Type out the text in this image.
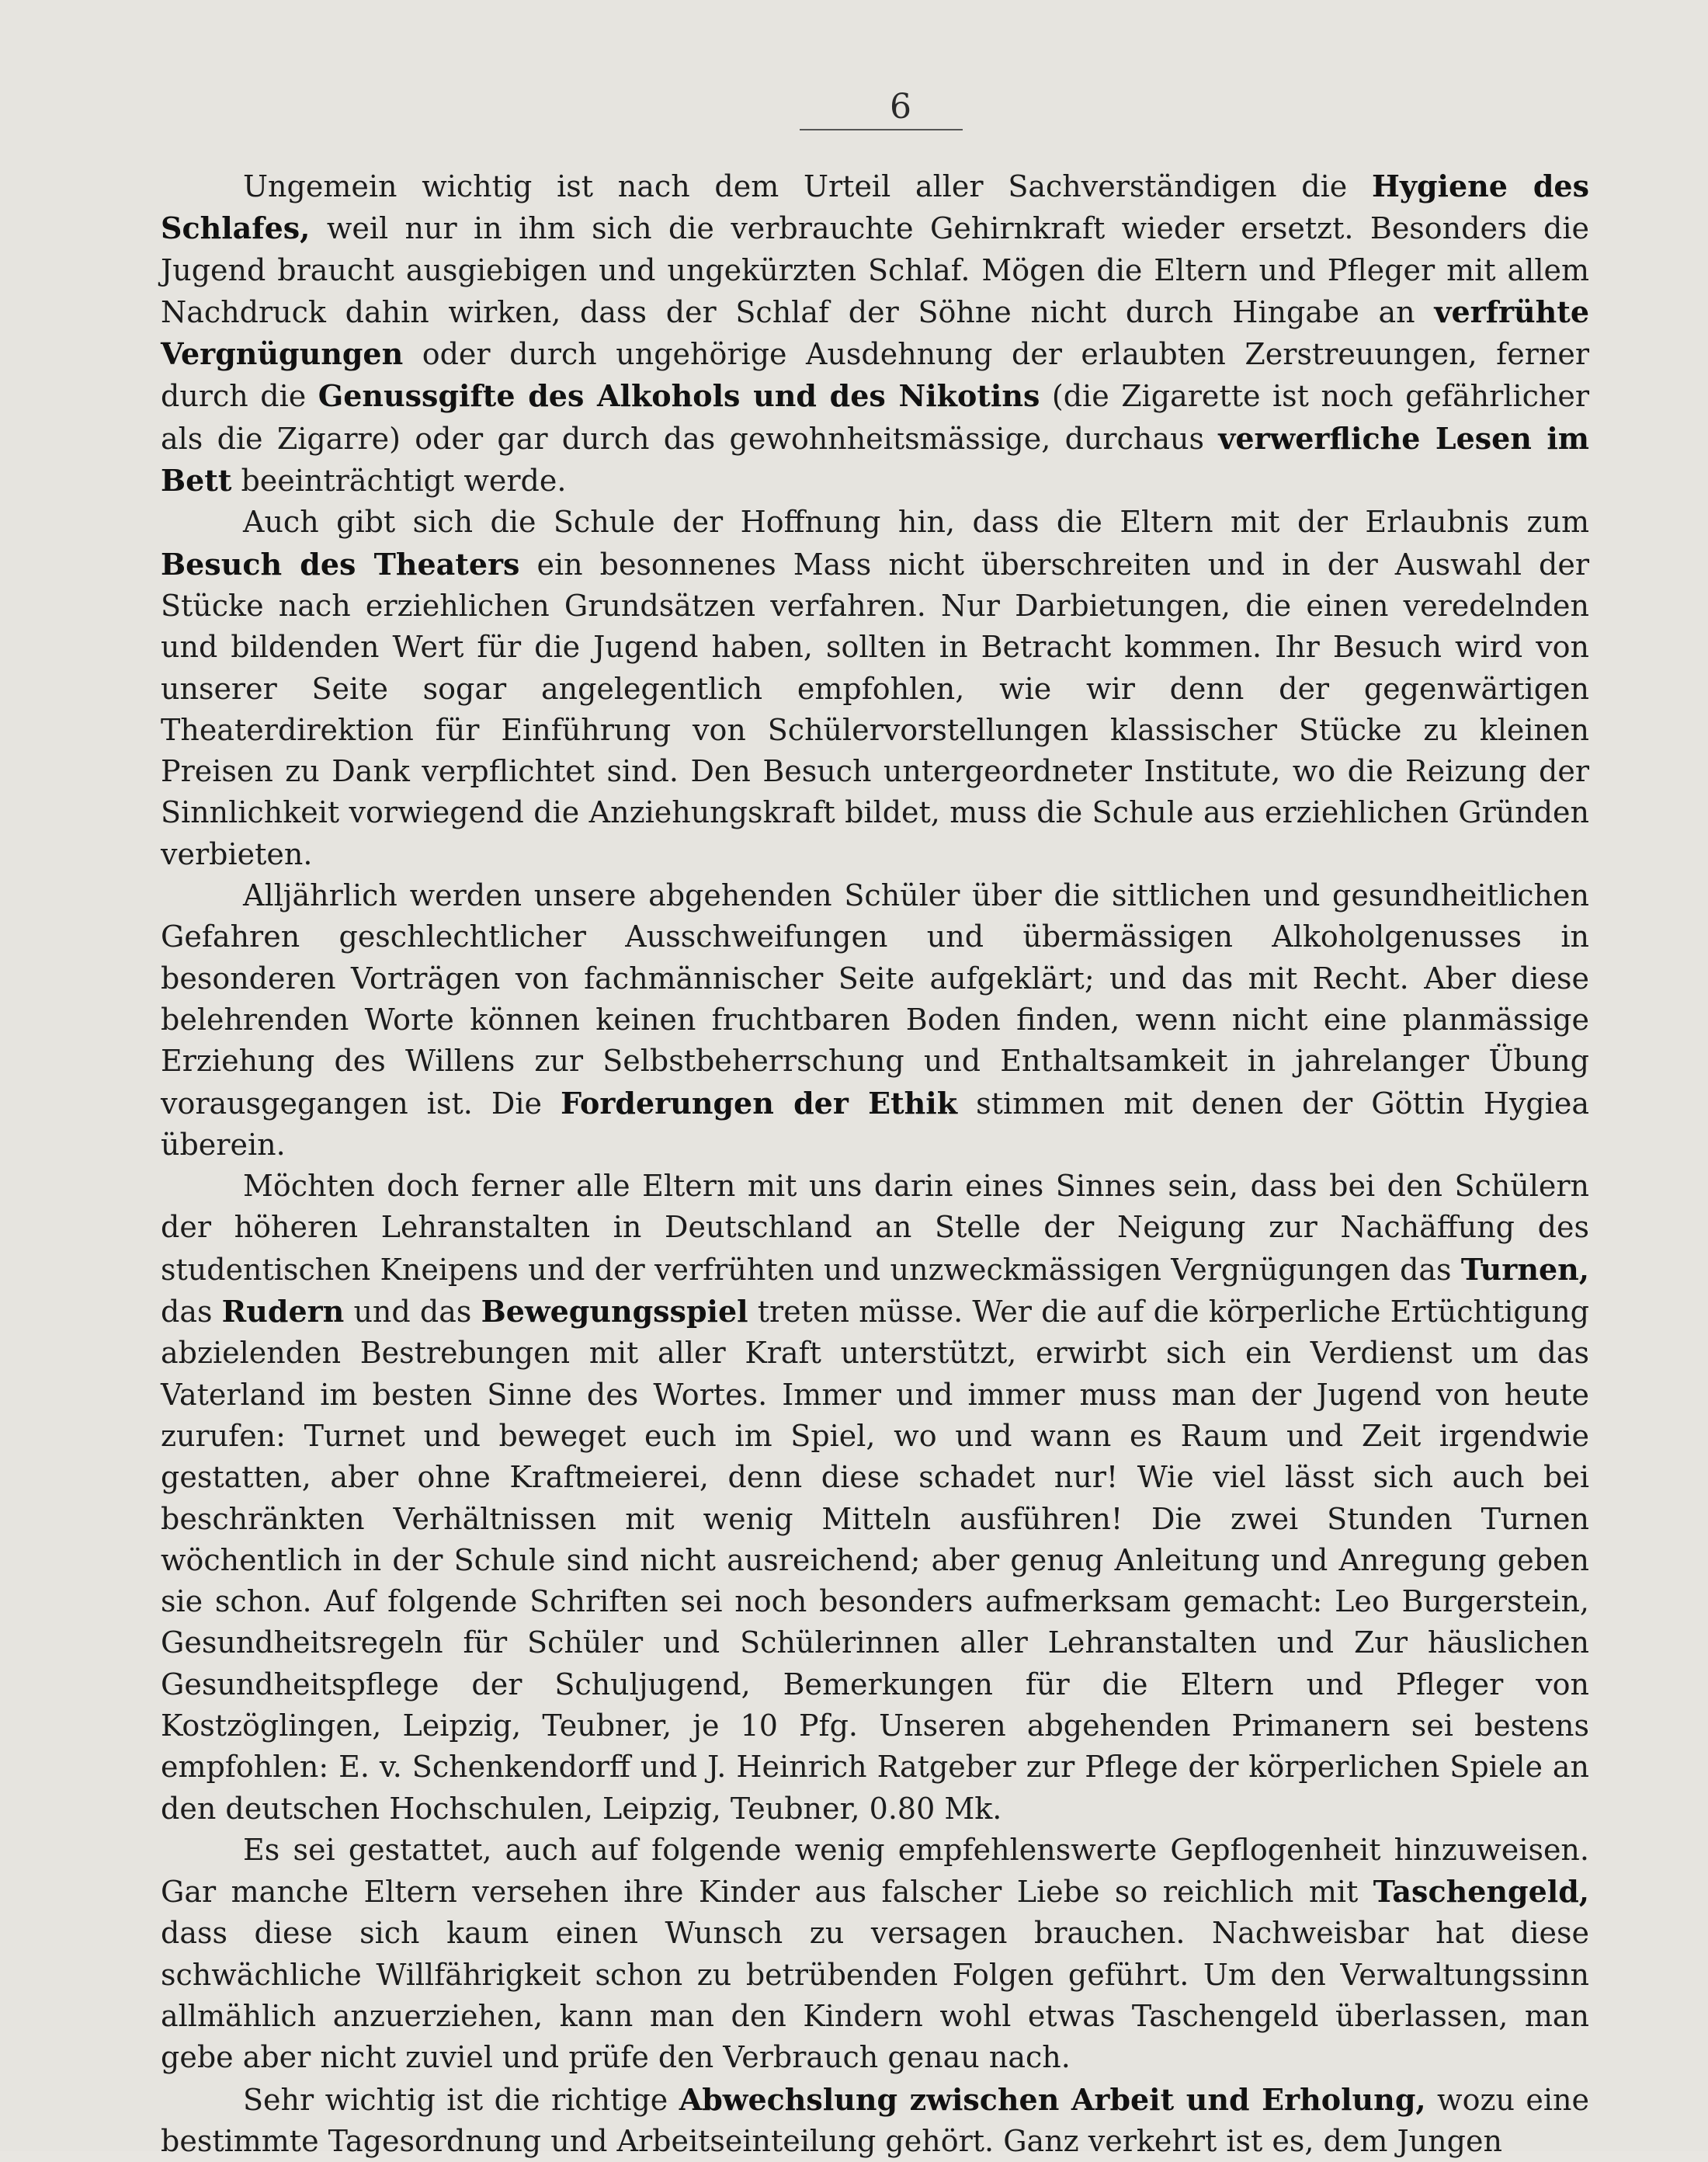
6

Ungemein wichtig ist nach dem Urteil aller Sachverständigen die Hygiene des Schlafes, weil nur in ihm sich die verbrauchte Gehirnkraft wieder ersetzt. Besonders die Jugend braucht ausgiebigen und ungekürzten Schlaf. Mögen die Eltern und Pfleger mit allem Nachdruck dahin wirken, dass der Schlaf der Söhne nicht durch Hingabe an verfrühte Vergnügungen oder durch ungehörige Ausdehnung der erlaubten Zerstreuungen, ferner durch die Genussgifte des Alkohols und des Nikotins (die Zigarette ist noch gefährlicher als die Zigarre) oder gar durch das gewohnheitsmässige, durchaus verwerfliche Lesen im Bett beeinträchtigt werde.

Auch gibt sich die Schule der Hoffnung hin, dass die Eltern mit der Erlaubnis zum Besuch des Theaters ein besonnenes Mass nicht überschreiten und in der Auswahl der Stücke nach erziehlichen Grundsätzen verfahren. Nur Darbietungen, die einen veredelnden und bildenden Wert für die Jugend haben, sollten in Betracht kommen. Ihr Besuch wird von unserer Seite sogar angelegentlich empfohlen, wie wir denn der gegenwärtigen Theaterdirektion für Einführung von Schülervorstellungen klassischer Stücke zu kleinen Preisen zu Dank verpflichtet sind. Den Besuch untergeordneter Institute, wo die Reizung der Sinnlichkeit vorwiegend die Anziehungskraft bildet, muss die Schule aus erziehlichen Gründen verbieten.

Alljährlich werden unsere abgehenden Schüler über die sittlichen und gesundheitlichen Gefahren geschlechtlicher Ausschweifungen und übermässigen Alkoholgenusses in besonderen Vorträgen von fachmännischer Seite aufgeklärt; und das mit Recht. Aber diese belehrenden Worte können keinen fruchtbaren Boden finden, wenn nicht eine planmässige Erziehung des Willens zur Selbstbeherrschung und Enthaltsamkeit in jahrelanger Übung vorausgegangen ist. Die Forderungen der Ethik stimmen mit denen der Göttin Hygiea überein.

Möchten doch ferner alle Eltern mit uns darin eines Sinnes sein, dass bei den Schülern der höheren Lehranstalten in Deutschland an Stelle der Neigung zur Nachäffung des studentischen Kneipens und der verfrühten und unzweckmässigen Vergnügungen das Turnen, das Rudern und das Bewegungsspiel treten müsse. Wer die auf die körperliche Ertüchtigung abzielenden Bestrebungen mit aller Kraft unterstützt, erwirbt sich ein Verdienst um das Vaterland im besten Sinne des Wortes. Immer und immer muss man der Jugend von heute zurufen: Turnet und beweget euch im Spiel, wo und wann es Raum und Zeit irgendwie gestatten, aber ohne Kraftmeierei, denn diese schadet nur! Wie viel lässt sich auch bei beschränkten Verhältnissen mit wenig Mitteln ausführen! Die zwei Stunden Turnen wöchentlich in der Schule sind nicht ausreichend; aber genug Anleitung und Anregung geben sie schon. Auf folgende Schriften sei noch besonders aufmerksam gemacht: Leo Burgerstein, Gesundheitsregeln für Schüler und Schülerinnen aller Lehranstalten und Zur häuslichen Gesundheitspflege der Schuljugend, Bemerkungen für die Eltern und Pfleger von Kostzöglingen, Leipzig, Teubner, je 10 Pfg. Unseren abgehenden Primanern sei bestens empfohlen: E. v. Schenkendorff und J. Heinrich Ratgeber zur Pflege der körperlichen Spiele an den deutschen Hochschulen, Leipzig, Teubner, 0.80 Mk.

Es sei gestattet, auch auf folgende wenig empfehlenswerte Gepflogenheit hinzuweisen. Gar manche Eltern versehen ihre Kinder aus falscher Liebe so reichlich mit Taschengeld, dass diese sich kaum einen Wunsch zu versagen brauchen. Nachweisbar hat diese schwächliche Willfährigkeit schon zu betrübenden Folgen geführt. Um den Verwaltungssinn allmählich anzuerziehen, kann man den Kindern wohl etwas Taschengeld überlassen, man gebe aber nicht zuviel und prüfe den Verbrauch genau nach.

Sehr wichtig ist die richtige Abwechslung zwischen Arbeit und Erholung, wozu eine bestimmte Tagesordnung und Arbeitseinteilung gehört. Ganz verkehrt ist es, dem Jungen
